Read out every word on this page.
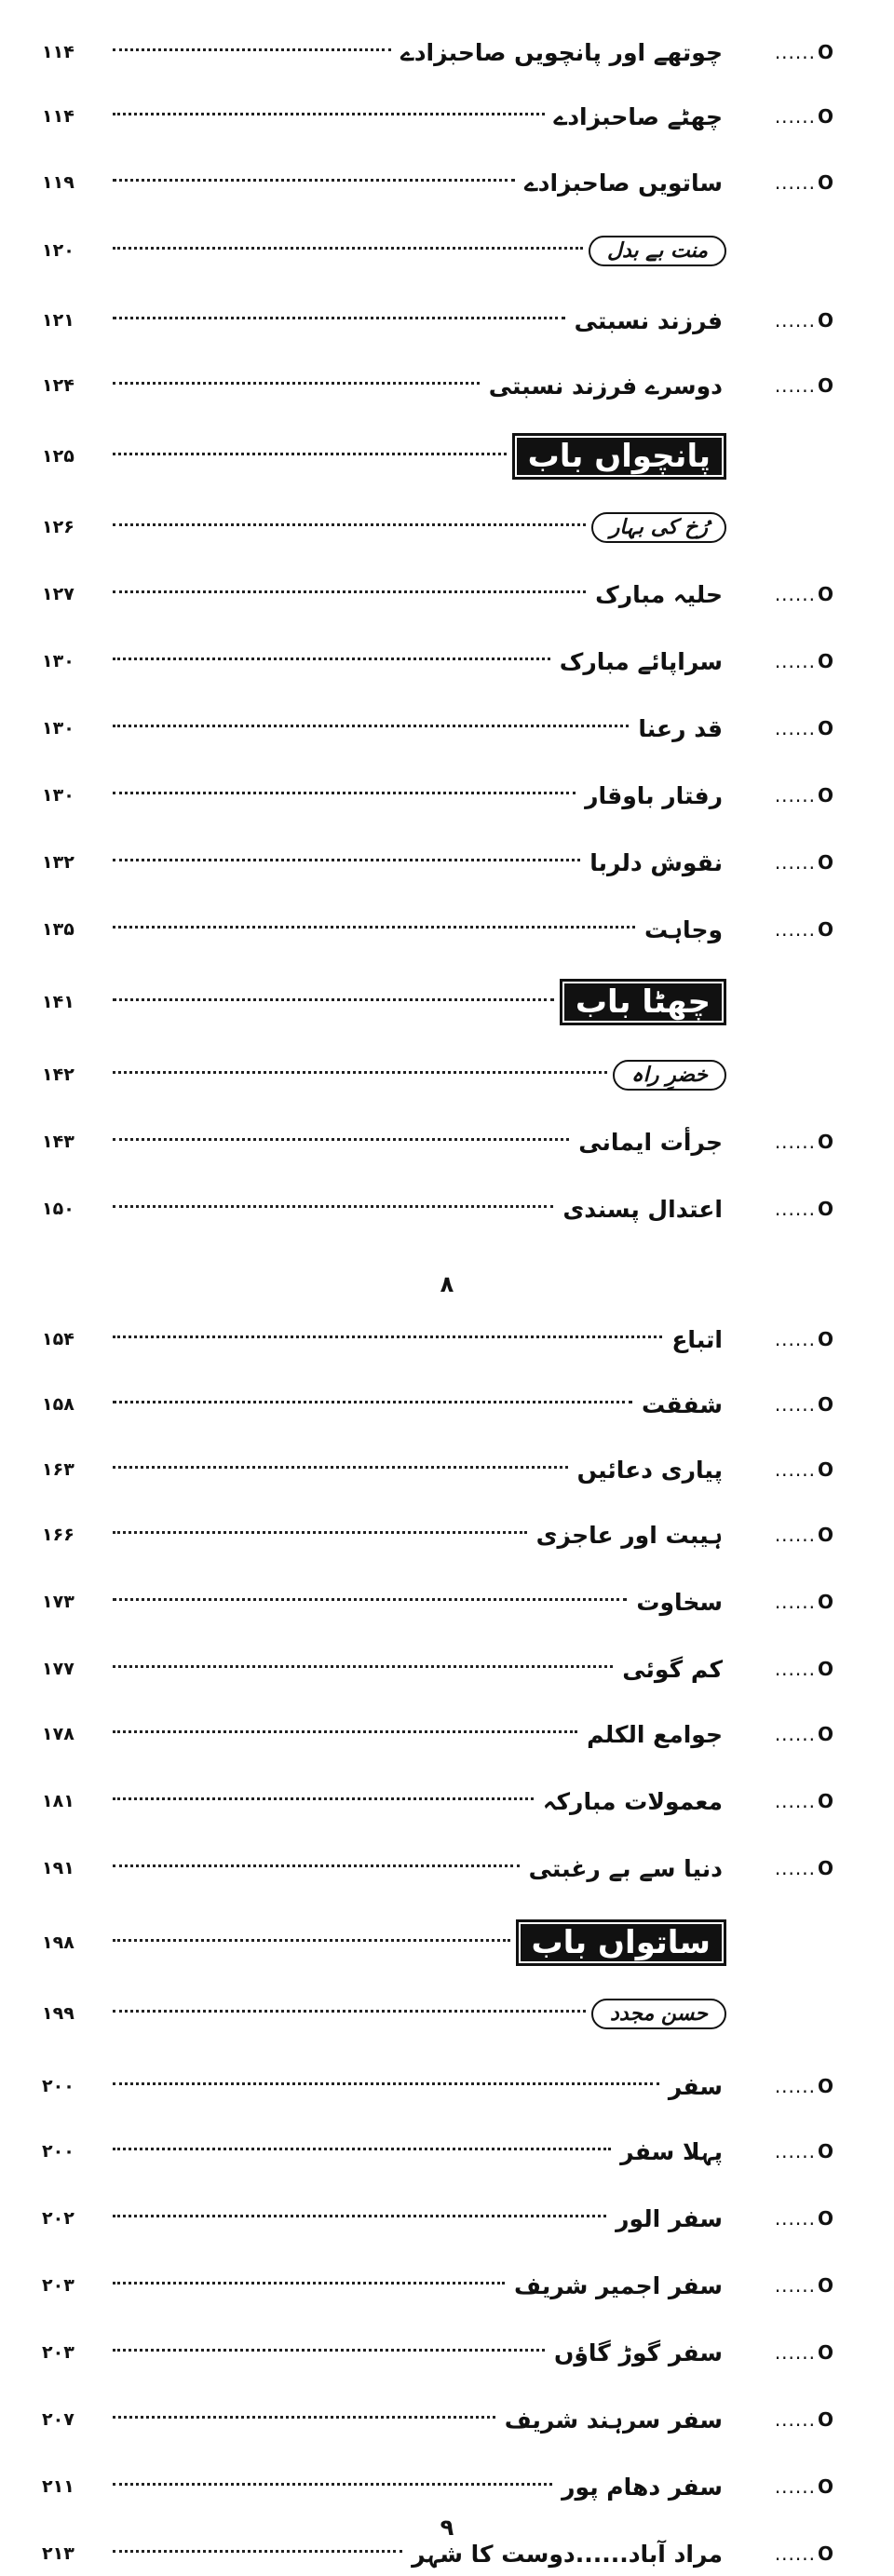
۱۱۴	چوتھے اور پانچویں صاحبزادے	...... O
۱۱۴	چھٹے صاحبزادے	...... O
۱۱۹	ساتویں صاحبزادے	...... O
۱۲۰	منت بے بدل
۱۲۱	فرزند نسبتی	...... O
۱۲۴	دوسرے فرزند نسبتی	...... O
۱۲۵	پانچواں باب
۱۲۶	رُخ کی بہار
۱۲۷	حلیہ مبارک	...... O
۱۳۰	سراپائے مبارک	...... O
۱۳۰	قد رعنا	...... O
۱۳۰	رفتار باوقار	...... O
۱۳۲	نقوش دلربا	...... O
۱۳۵	وجاہت	...... O
۱۴۱	چھٹا باب
۱۴۲	خضرِ راہ
۱۴۳	جرأت ایمانی	...... O
۱۵۰	اعتدال پسندی	...... O
۸
۱۵۴	اتباع	...... O
۱۵۸	شفقت	...... O
۱۶۳	پیاری دعائیں	...... O
۱۶۶	ہیبت اور عاجزی	...... O
۱۷۳	سخاوت	...... O
۱۷۷	کم گوئی	...... O
۱۷۸	جوامع الکلم	...... O
۱۸۱	معمولات مبارکہ	...... O
۱۹۱	دنیا سے بے رغبتی	...... O
۱۹۸	ساتواں باب
۱۹۹	حسن مجدد
۲۰۰	سفر	...... O
۲۰۰	پہلا سفر	...... O
۲۰۲	سفر الور	...... O
۲۰۳	سفر اجمیر شریف	...... O
۲۰۳	سفر گوڑ گاؤں	...... O
۲۰۷	سفر سرہند شریف	...... O
۲۱۱	سفر دھام پور	...... O
۲۱۳	مراد آباد......دوست کا شہر	...... O
۹
